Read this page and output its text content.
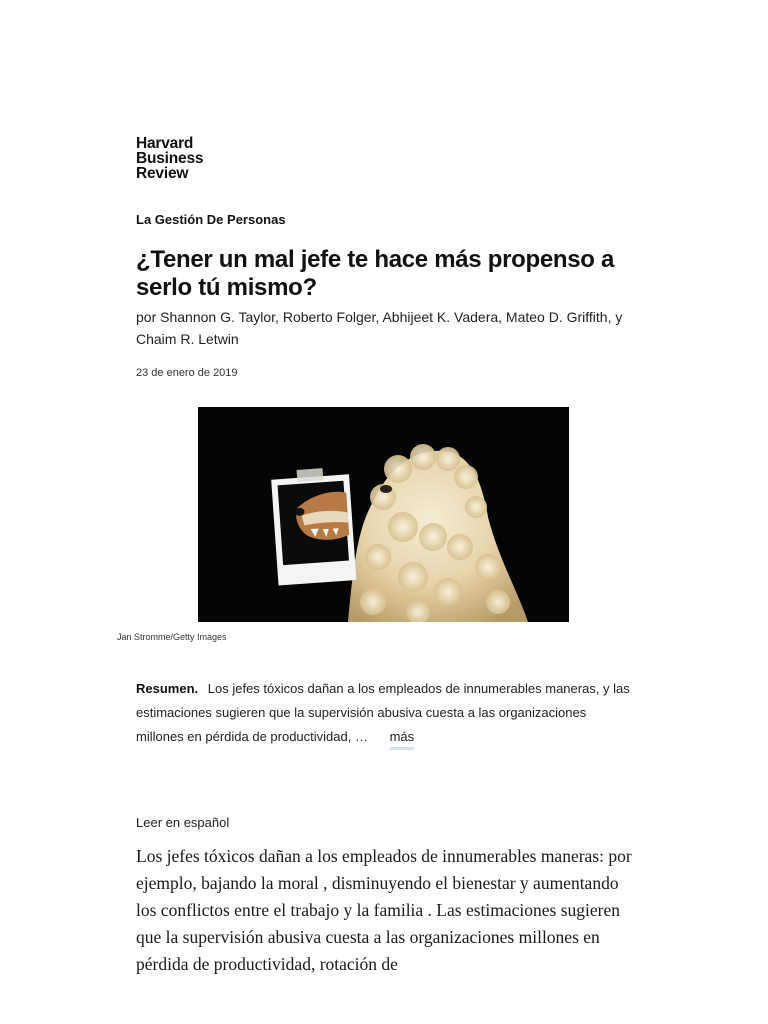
Harvard
Business
Review
La Gestión De Personas
¿Tener un mal jefe te hace más propenso a serlo tú mismo?
por Shannon G. Taylor, Roberto Folger, Abhijeet K. Vadera, Mateo D. Griffith, y Chaim R. Letwin
23 de enero de 2019
Jan Stromme/Getty Images
Resumen. Los jefes tóxicos dañan a los empleados de innumerables maneras, y las estimaciones sugieren que la supervisión abusiva cuesta a las organizaciones millones en pérdida de productividad, … más
Leer en español

Los jefes tóxicos dañan a los empleados de innumerables maneras: por ejemplo, bajando la moral , disminuyendo el bienestar y aumentando los conflictos entre el trabajo y la familia . Las estimaciones sugieren que la supervisión abusiva cuesta a las organizaciones millones en pérdida de productividad, rotación de
